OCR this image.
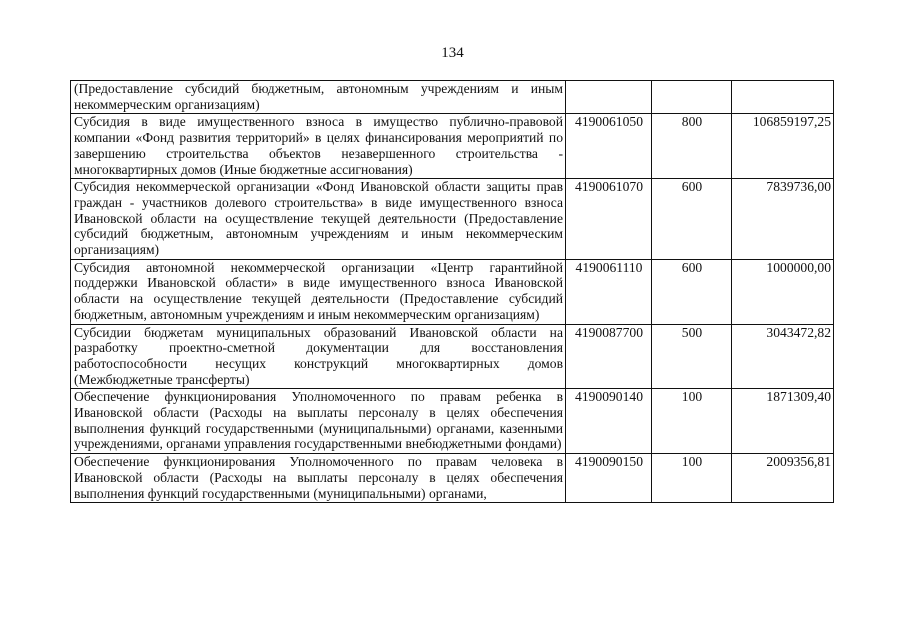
134
(Предоставление субсидий бюджетным, автономным учреждениям и иным некоммерческим организациям)			
Субсидия в виде имущественного взноса в имущество публично-правовой компании «Фонд развития территорий» в целях финансирования мероприятий по завершению строительства объектов незавершенного строительства - многоквартирных домов (Иные бюджетные ассигнования)	4190061050	800	106859197,25
Субсидия некоммерческой организации «Фонд Ивановской области защиты прав граждан - участников долевого строительства» в виде имущественного взноса Ивановской области на осуществление текущей деятельности (Предоставление субсидий бюджетным, автономным учреждениям и иным некоммерческим организациям)	4190061070	600	7839736,00
Субсидия автономной некоммерческой организации «Центр гарантийной поддержки Ивановской области» в виде имущественного взноса Ивановской области на осуществление текущей деятельности (Предоставление субсидий бюджетным, автономным учреждениям и иным некоммерческим организациям)	4190061110	600	1000000,00
Субсидии бюджетам муниципальных образований Ивановской области на разработку проектно-сметной документации для восстановления работоспособности несущих конструкций многоквартирных домов (Межбюджетные трансферты)	4190087700	500	3043472,82
Обеспечение функционирования Уполномоченного по правам ребенка в Ивановской области (Расходы на выплаты персоналу в целях обеспечения выполнения функций государственными (муниципальными) органами, казенными учреждениями, органами управления государственными внебюджетными фондами)	4190090140	100	1871309,40
Обеспечение функционирования Уполномоченного по правам человека в Ивановской области (Расходы на выплаты персоналу в целях обеспечения выполнения функций государственными (муниципальными) органами,	4190090150	100	2009356,81
